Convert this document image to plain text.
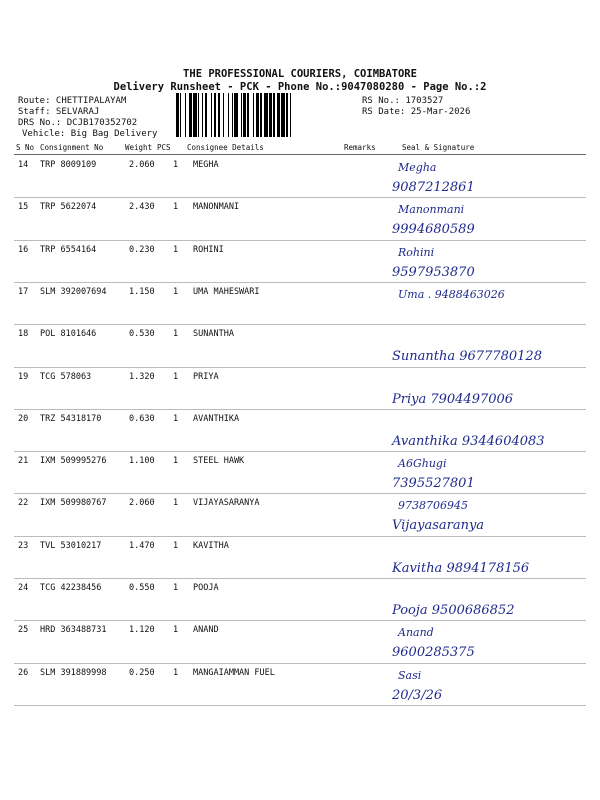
THE PROFESSIONAL COURIERS, COIMBATORE
Delivery Runsheet - PCK - Phone No.:9047080280 - Page No.:2
Route: CHETTIPALAYAM
Staff: SELVARAJ
DRS No.: DCJB170352702
Vehicle: Big Bag Delivery
RS No.: 1703527
RS Date: 25-Mar-2026
S No Consignment No	Weight PCS Consignee Details	Remarks	Seal & Signature
14 TRP 8009109	2.060 1 MEGHA	Megha
9087212861
15 TRP 5622074	2.430 1 MANONMANI	Manonmani
9994680589
16 TRP 6554164	0.230 1 ROHINI	Rohini
9597953870
17 SLM 392007694	1.150 1 UMA MAHESWARI	Uma . 9488463026
18 POL 8101646	0.530 1 SUNANTHA
Sunantha 9677780128
19 TCG 578063	1.320 1 PRIYA
Priya 7904497006
20 TRZ 54318170	0.630 1 AVANTHIKA
Avanthika 9344604083
21 IXM 509995276	1.100 1 STEEL HAWK	A6Ghugi
7395527801
22 IXM 509980767	2.060 1 VIJAYASARANYA	9738706945
Vijayasaranya
23 TVL 53010217	1.470 1 KAVITHA
Kavitha 9894178156
24 TCG 42238456	0.550 1 POOJA
Pooja 9500686852
25 HRD 363488731	1.120 1 ANAND	Anand
9600285375
26 SLM 391889998	0.250 1 MANGAIAMMAN FUEL	Sasi
20/3/26
